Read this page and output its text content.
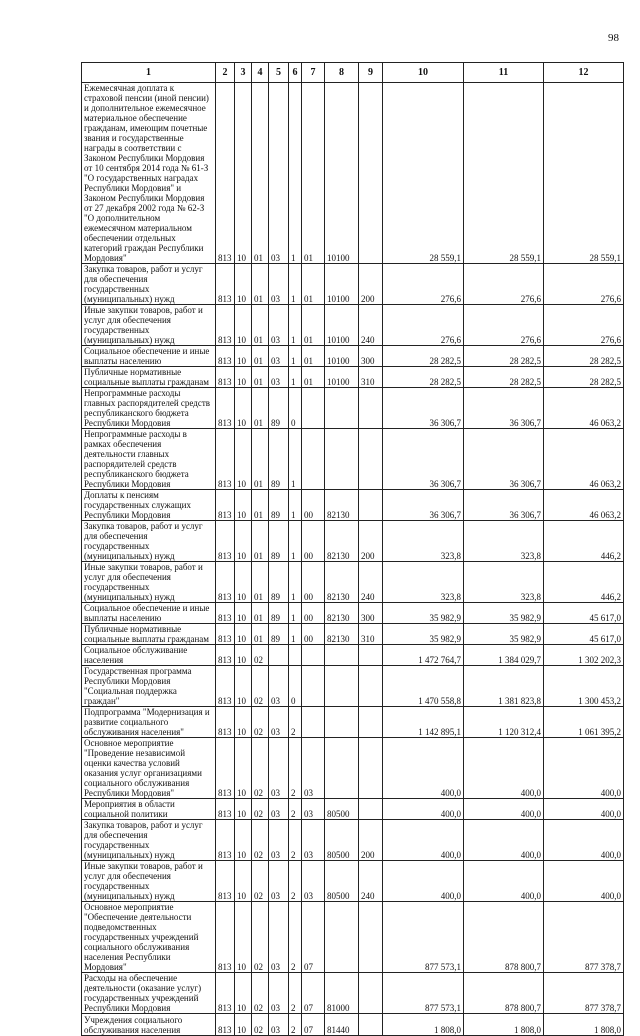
98
1	2	3	4	5	6	7	8	9	10	11	12
Ежемесячная доплата к страховой пенсии (иной пенсии) и дополнительное ежемесячное материальное обеспечение гражданам, имеющим почетные звания и государственные награды в соответствии с Законом Республики Мордовия от 10 сентября 2014 года № 61-З "О государственных наградах Республики Мордовия" и Законом Республики Мордовия от 27 декабря 2002 года № 62-З "О дополнительном ежемесячном материальном обеспечении отдельных категорий граждан Республики Мордовия"	813	10	01	03	1	01	10100		28 559,1	28 559,1	28 559,1
Закупка товаров, работ и услуг для обеспечения государственных (муниципальных) нужд	813	10	01	03	1	01	10100	200	276,6	276,6	276,6
Иные закупки товаров, работ и услуг для обеспечения государственных (муниципальных) нужд	813	10	01	03	1	01	10100	240	276,6	276,6	276,6
Социальное обеспечение и иные выплаты населению	813	10	01	03	1	01	10100	300	28 282,5	28 282,5	28 282,5
Публичные нормативные социальные выплаты гражданам	813	10	01	03	1	01	10100	310	28 282,5	28 282,5	28 282,5
Непрограммные расходы главных распорядителей средств республиканского бюджета Республики Мордовия	813	10	01	89	0				36 306,7	36 306,7	46 063,2
Непрограммные расходы в рамках обеспечения деятельности главных распорядителей средств республиканского бюджета Республики Мордовия	813	10	01	89	1				36 306,7	36 306,7	46 063,2
Доплаты к пенсиям государственных служащих Республики Мордовия	813	10	01	89	1	00	82130		36 306,7	36 306,7	46 063,2
Закупка товаров, работ и услуг для обеспечения государственных (муниципальных) нужд	813	10	01	89	1	00	82130	200	323,8	323,8	446,2
Иные закупки товаров, работ и услуг для обеспечения государственных (муниципальных) нужд	813	10	01	89	1	00	82130	240	323,8	323,8	446,2
Социальное обеспечение и иные выплаты населению	813	10	01	89	1	00	82130	300	35 982,9	35 982,9	45 617,0
Публичные нормативные социальные выплаты гражданам	813	10	01	89	1	00	82130	310	35 982,9	35 982,9	45 617,0
Социальное обслуживание населения	813	10	02						1 472 764,7	1 384 029,7	1 302 202,3
Государственная программа Республики Мордовия "Социальная поддержка граждан"	813	10	02	03	0				1 470 558,8	1 381 823,8	1 300 453,2
Подпрограмма "Модернизация и развитие социального обслуживания населения"	813	10	02	03	2				1 142 895,1	1 120 312,4	1 061 395,2
Основное мероприятие "Проведение независимой оценки качества условий оказания услуг организациями социального обслуживания Республики Мордовия"	813	10	02	03	2	03			400,0	400,0	400,0
Мероприятия в области социальной политики	813	10	02	03	2	03	80500		400,0	400,0	400,0
Закупка товаров, работ и услуг для обеспечения государственных (муниципальных) нужд	813	10	02	03	2	03	80500	200	400,0	400,0	400,0
Иные закупки товаров, работ и услуг для обеспечения государственных (муниципальных) нужд	813	10	02	03	2	03	80500	240	400,0	400,0	400,0
Основное мероприятие "Обеспечение деятельности подведомственных государственных учреждений социального обслуживания населения Республики Мордовия"	813	10	02	03	2	07			877 573,1	878 800,7	877 378,7
Расходы на обеспечение деятельности (оказание услуг) государственных учреждений Республики Мордовия	813	10	02	03	2	07	81000		877 573,1	878 800,7	877 378,7
Учреждения социального обслуживания населения	813	10	02	03	2	07	81440		1 808,0	1 808,0	1 808,0
